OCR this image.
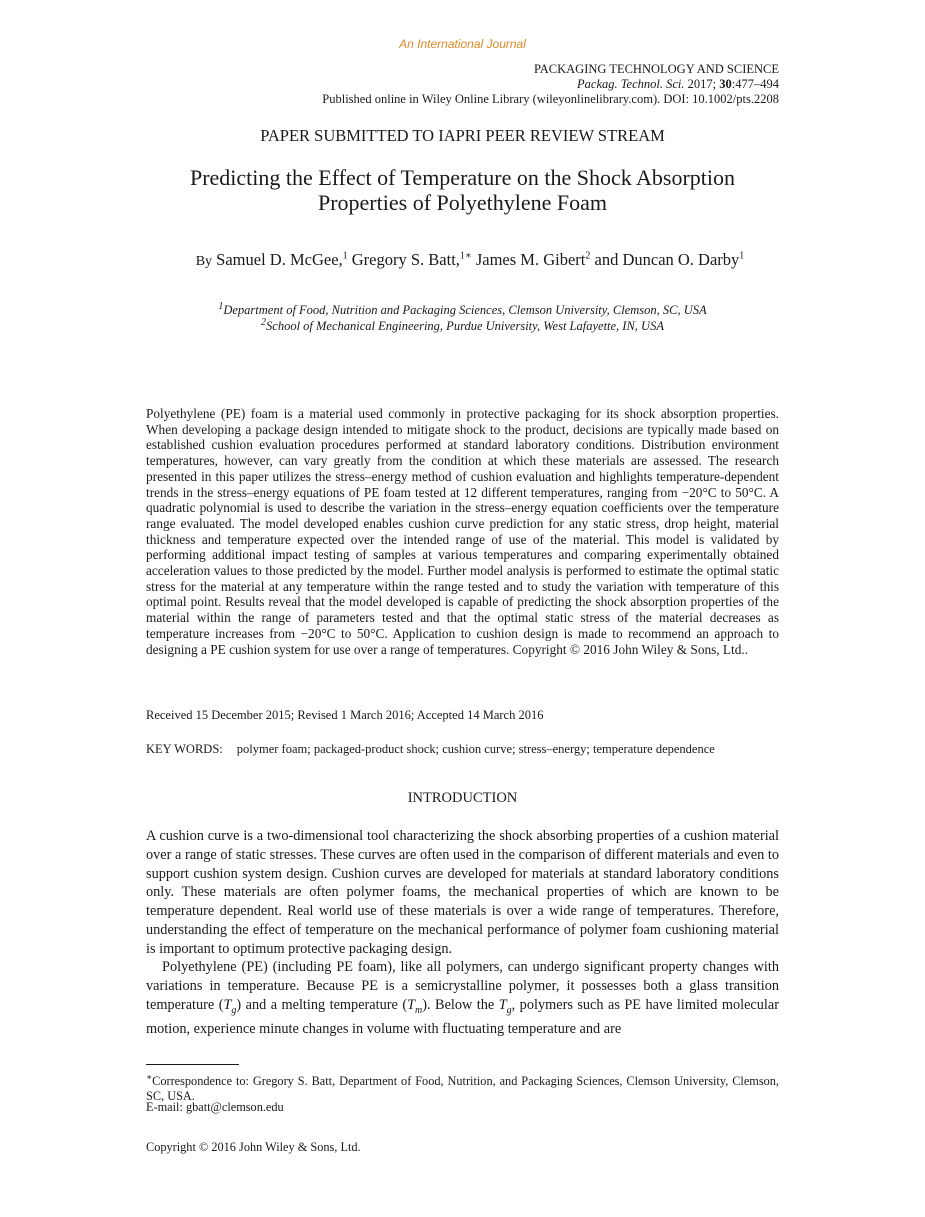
An International Journal
PACKAGING TECHNOLOGY AND SCIENCE
Packag. Technol. Sci. 2017; 30:477–494
Published online in Wiley Online Library (wileyonlinelibrary.com). DOI: 10.1002/pts.2208
PAPER SUBMITTED TO IAPRI PEER REVIEW STREAM
Predicting the Effect of Temperature on the Shock Absorption
Properties of Polyethylene Foam
By Samuel D. McGee,$^1$ Gregory S. Batt,$^{1∗}$ James M. Gibert$^2$ and Duncan O. Darby$^1$
$^1$Department of Food, Nutrition and Packaging Sciences, Clemson University, Clemson, SC, USA
$^2$School of Mechanical Engineering, Purdue University, West Lafayette, IN, USA
Polyethylene (PE) foam is a material used commonly in protective packaging for its shock absorption properties. When developing a package design intended to mitigate shock to the product, decisions are typically made based on established cushion evaluation procedures performed at standard laboratory conditions. Distribution environment temperatures, however, can vary greatly from the condition at which these materials are assessed. The research presented in this paper utilizes the stress–energy method of cushion evaluation and highlights temperature-dependent trends in the stress–energy equations of PE foam tested at 12 different temperatures, ranging from −20°C to 50°C. A quadratic polynomial is used to describe the variation in the stress–energy equation coefficients over the temperature range evaluated. The model developed enables cushion curve prediction for any static stress, drop height, material thickness and temperature expected over the intended range of use of the material. This model is validated by performing additional impact testing of samples at various temperatures and comparing experimentally obtained acceleration values to those predicted by the model. Further model analysis is performed to estimate the optimal static stress for the material at any temperature within the range tested and to study the variation with temperature of this optimal point. Results reveal that the model developed is capable of predicting the shock absorption properties of the material within the range of parameters tested and that the optimal static stress of the material decreases as temperature increases from −20°C to 50°C. Application to cushion design is made to recommend an approach to designing a PE cushion system for use over a range of temperatures. Copyright © 2016 John Wiley & Sons, Ltd..
Received 15 December 2015; Revised 1 March 2016; Accepted 14 March 2016
KEY WORDS: polymer foam; packaged-product shock; cushion curve; stress–energy; temperature dependence
INTRODUCTION
A cushion curve is a two-dimensional tool characterizing the shock absorbing properties of a cushion material over a range of static stresses. These curves are often used in the comparison of different materials and even to support cushion system design. Cushion curves are developed for materials at standard laboratory conditions only. These materials are often polymer foams, the mechanical properties of which are known to be temperature dependent. Real world use of these materials is over a wide range of temperatures. Therefore, understanding the effect of temperature on the mechanical performance of polymer foam cushioning material is important to optimum protective packaging design.
Polyethylene (PE) (including PE foam), like all polymers, can undergo significant property changes with variations in temperature. Because PE is a semicrystalline polymer, it possesses both a glass transition temperature $(T_g)$ and a melting temperature $(T_m)$. Below the $T_g$, polymers such as PE have limited molecular motion, experience minute changes in volume with fluctuating temperature and are
∗Correspondence to: Gregory S. Batt, Department of Food, Nutrition, and Packaging Sciences, Clemson University, Clemson, SC, USA.
E-mail: gbatt@clemson.edu
Copyright © 2016 John Wiley & Sons, Ltd.
